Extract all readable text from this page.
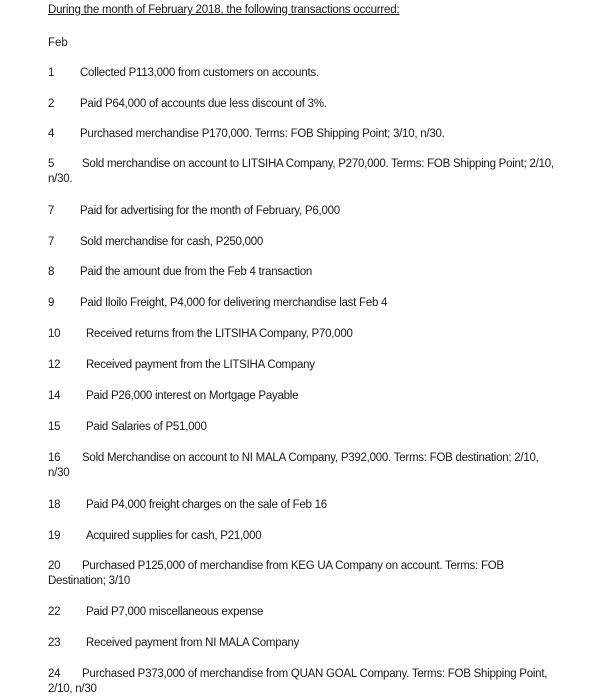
During the month of February 2018, the following transactions occurred:
Feb
1 Collected P113,000 from customers on accounts.
2 Paid P64,000 of accounts due less discount of 3%.
4 Purchased merchandise P170,000. Terms: FOB Shipping Point; 3/10, n/30.
5 Sold merchandise on account to LITSIHA Company, P270,000. Terms: FOB Shipping Point; 2/10, n/30.
7 Paid for advertising for the month of February, P6,000
7 Sold merchandise for cash, P250,000
8 Paid the amount due from the Feb 4 transaction
9 Paid Iloilo Freight, P4,000 for delivering merchandise last Feb 4
10 Received returns from the LITSIHA Company, P70,000
12 Received payment from the LITSIHA Company
14 Paid P26,000 interest on Mortgage Payable
15 Paid Salaries of P51,000
16 Sold Merchandise on account to NI MALA Company, P392,000. Terms: FOB destination; 2/10, n/30
18 Paid P4,000 freight charges on the sale of Feb 16
19 Acquired supplies for cash, P21,000
20 Purchased P125,000 of merchandise from KEG UA Company on account. Terms: FOB Destination; 3/10
22 Paid P7,000 miscellaneous expense
23 Received payment from NI MALA Company
24 Purchased P373,000 of merchandise from QUAN GOAL Company. Terms: FOB Shipping Point, 2/10, n/30
